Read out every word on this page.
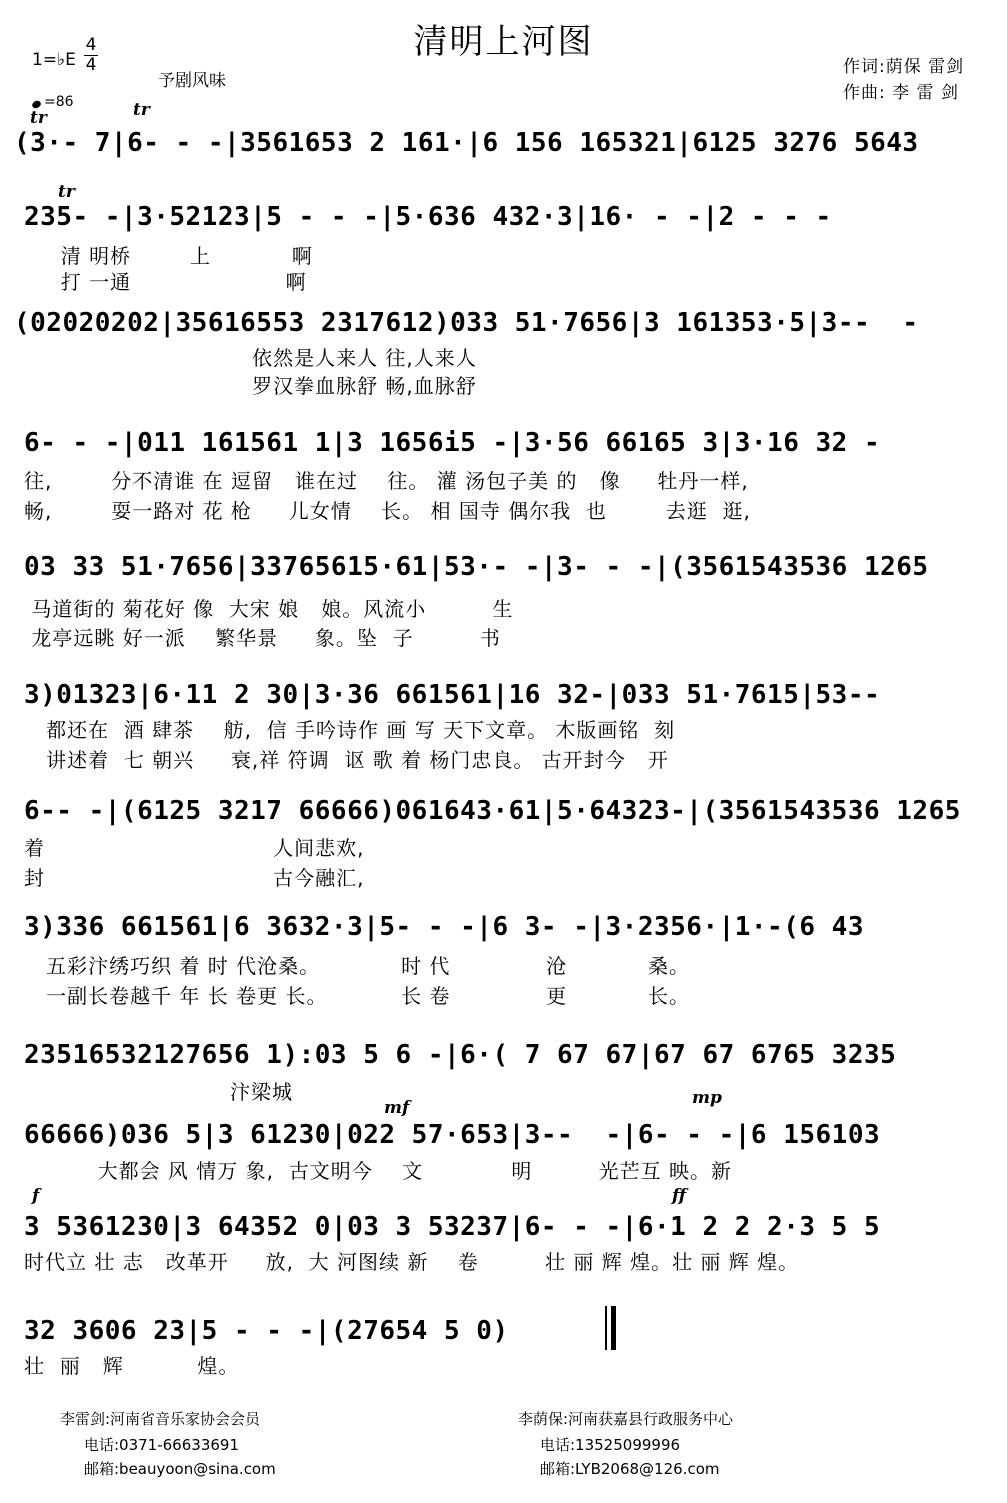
清明上河图
1=♭E
4
4
=86
予剧风味
作词:荫保 雷剑
作曲: 李 雷 剑
tr	tr
(3·- 7|6- - -|3561653 2 161·|6 156 165321|6125 3276 5643
tr
235- -|3·52123|5 - - -|5·636 432·3|16· - -|2 - - -
清 明桥        上           啊
打 一通                     啊
(02020202|35616553 2317612)033 51·7656|3 161353·5|3--  -
依然是人来人 往,人来人
罗汉拳血脉舒 畅,血脉舒
6- - -|011 161561 1|3 1656i5 -|3·56 66165 3|3·16 32 -
往,        分不清谁 在 逗留   谁在过    往。 灌 汤包子美 的   像     牡丹一样,
畅,        耍一路对 花 枪     儿女情    长。 相 国寺 偶尔我  也        去逛  逛,
03 33 51·7656|33765615·61|53·- -|3- - -|(3561543536 1265
马道街的 菊花好 像  大宋 娘   娘。风流小         生
龙亭远眺 好一派    繁华景     象。坠  子         书
3)01323|6·11 2 30|3·36 661561|16 32-|033 51·7615|53--
都还在  酒 肆茶    舫,  信 手吟诗作 画 写 天下文章。 木版画铭  刻
讲述着  七 朝兴     衰,祥 符调  讴 歌 着 杨门忠良。 古开封今   开
6-- -|(6125 3217 66666)061643·61|5·64323-|(3561543536 1265
着                               人间悲欢,
封                               古今融汇,
3)336 661561|6 3632·3|5- - -|6 3- -|3·2356·|1·-(6 43
五彩汴绣巧织 着 时 代沧桑。           时 代             沧           桑。
一副长卷越千 年 长 卷更 长。          长 卷             更           长。
23516532127656 1):03 5 6 -|6·( 7 67 67|67 67 6765 3235
汴梁城
mf	mp
66666)036 5|3 61230|022 57·653|3--  -|6- - -|6 156103
大都会 风 情万 象,  古文明今    文            明         光芒互 映。新
f	ff
3 5361230|3 64352 0|03 3 53237|6- - -|6·1 2 2 2·3 5 5
时代立 壮 志   改革开     放,  大 河图续 新    卷         壮 丽 辉 煌。壮 丽 辉 煌。
32 3606 23|5 - - -|(27654 5 0)
壮  丽   辉          煌。
李雷剑:河南省音乐家协会会员
电话:0371-66633691
邮箱:beauyoon@sina.com
李荫保:河南获嘉县行政服务中心
电话:13525099996
邮箱:LYB2068@126.com
